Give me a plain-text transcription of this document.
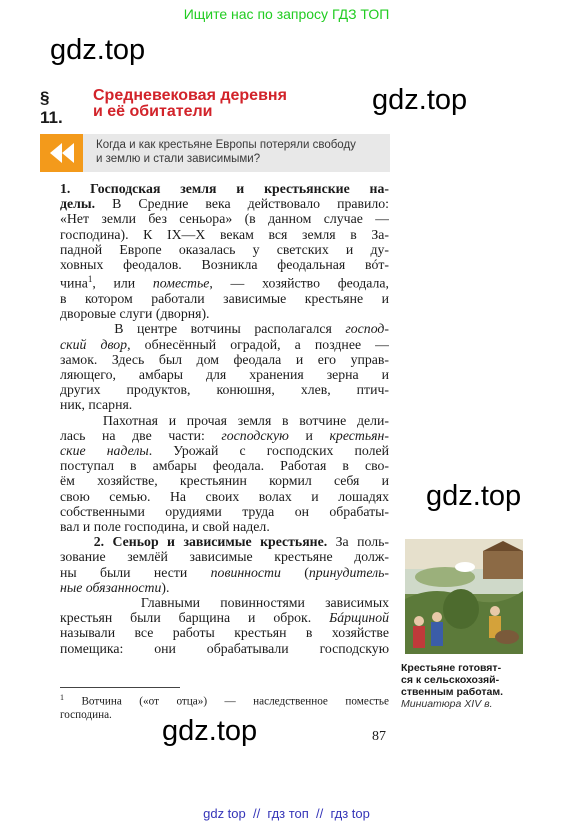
Ищите нас по запросу ГДЗ ТОП
gdz.top
gdz.top
gdz.top
gdz.top
§ 11.
Средневековая деревня
и её обитатели
Когда и как крестьяне Европы потеряли свободу
и землю и стали зависимыми?
1. Господская земля и крестьянские на-
делы. В Средние века действовало правило:
«Нет земли без сеньора» (в данном случае —
господина). К IX—X векам вся земля в За-
падной Европе оказалась у светских и ду-
ховных феодалов. Возникла феодальная вóт-
чина$^1$, или поместье, — хозяйство феодала,
в котором работали зависимые крестьяне и
дворовые слуги (дворня).
В центре вотчины располагался господ-
ский двор, обнесённый оградой, а позднее —
замок. Здесь был дом феодала и его управ-
ляющего, амбары для хранения зерна и
других продуктов, конюшня, хлев, птич-
ник, псарня.
Пахотная и прочая земля в вотчине дели-
лась на две части: господскую и крестьян-
ские наделы. Урожай с господских полей
поступал в амбары феодала. Работая в сво-
ём хозяйстве, крестьянин кормил себя и
свою семью. На своих волах и лошадях
собственными орудиями труда он обрабаты-
вал и поле господина, и свой надел.
2. Сеньор и зависимые крестьяне. За поль-
зование землёй зависимые крестьяне долж-
ны были нести повинности (принудитель-
ные обязанности).
Главными повинностями зависимых
крестьян были барщина и оброк. Бáрщиной
называли все работы крестьян в хозяйстве
помещика: они обрабатывали господскую
$^1$ Вотчина («от отца») — наследственное поместье
господина.
87
Крестьяне готовят-
ся к сельскохозяй-
ственным работам.
Миниатюра XIV в.
gdz top  //  гдз топ  //  гдз top
